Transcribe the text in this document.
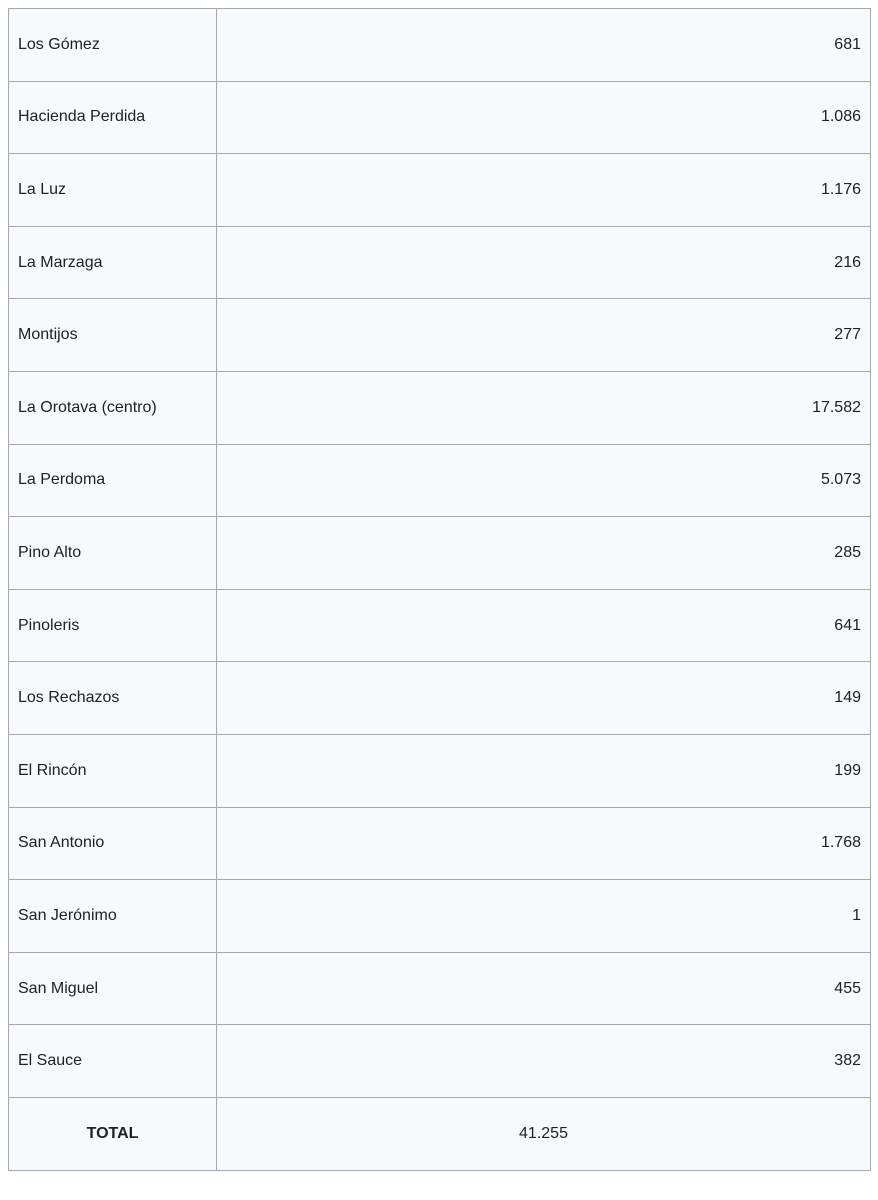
Los Gómez	681
Hacienda Perdida	1.086
La Luz	1.176
La Marzaga	216
Montijos	277
La Orotava (centro)	17.582
La Perdoma	5.073
Pino Alto	285
Pinoleris	641
Los Rechazos	149
El Rincón	199
San Antonio	1.768
San Jerónimo	1
San Miguel	455
El Sauce	382
TOTAL	41.255
